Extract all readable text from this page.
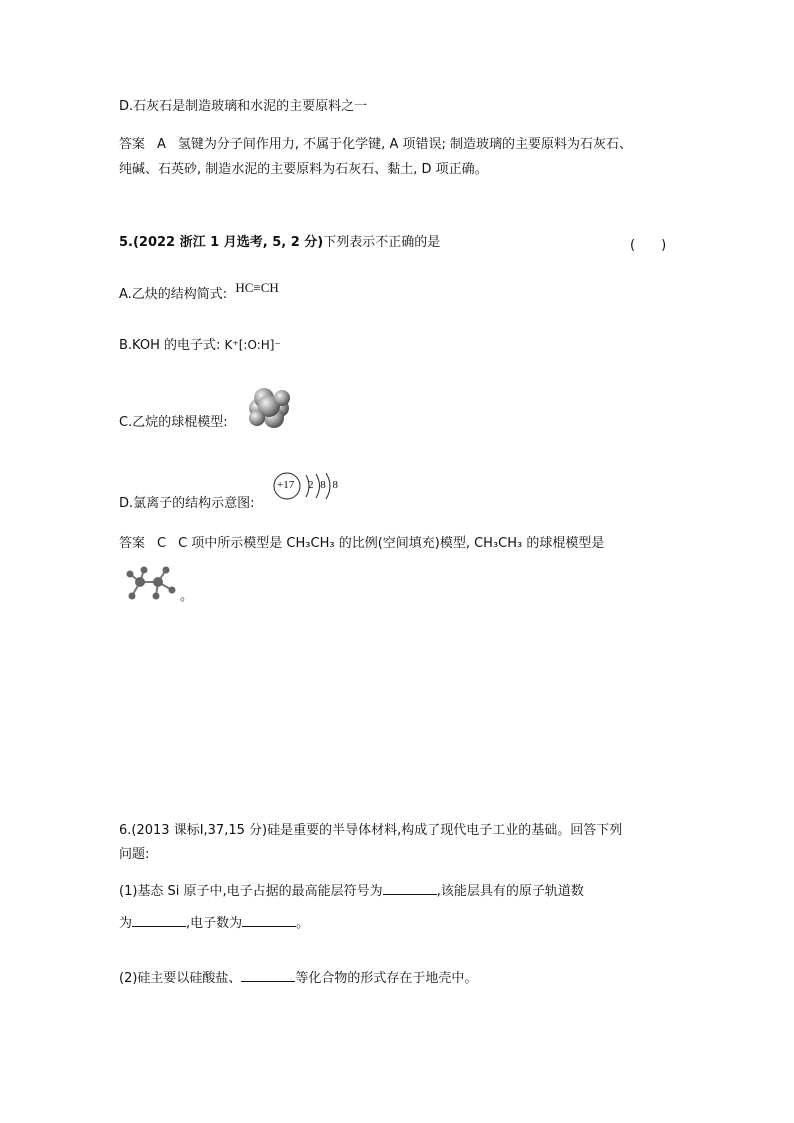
D.石灰石是制造玻璃和水泥的主要原料之一
答案 A 氢键为分子间作用力, 不属于化学键, A 项错误; 制造玻璃的主要原料为石灰石、
纯碱、石英砂, 制造水泥的主要原料为石灰石、黏土, D 项正确。
5.(2022 浙江 1 月选考, 5, 2 分)下列表示不正确的是	(　　)
A.乙炔的结构简式: HC≡CH
B.KOH 的电子式: K⁺[:O:H]⁻
C.乙烷的球棍模型:
D.氯离子的结构示意图:
+17 2 8 8
答案 C C 项中所示模型是 CH₃CH₃ 的比例(空间填充)模型, CH₃CH₃ 的球棍模型是
。
6.(2013 课标Ⅰ,37,15 分)硅是重要的半导体材料,构成了现代电子工业的基础。回答下列
问题:
(1)基态 Si 原子中,电子占据的最高能层符号为	,该能层具有的原子轨道数
为	,电子数为	。
(2)硅主要以硅酸盐、	等化合物的形式存在于地壳中。
